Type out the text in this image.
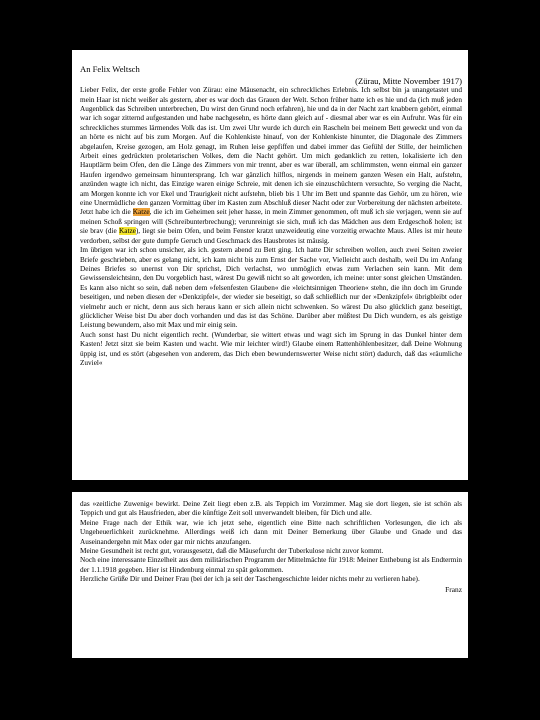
An Felix Weltsch

(Zürau, Mitte November 1917)

Lieber Felix, der erste große Fehler von Zürau: eine Mäusenacht, ein schreckliches Erlebnis. Ich selbst bin ja unangetastet und mein Haar ist nicht weißer als gestern, aber es war doch das Grauen der Welt. Schon früher hatte ich es hie und da (ich muß jeden Augenblick das Schreiben unterbrechen, Du wirst den Grund noch erfahren), hie und da in der Nacht zart knabbern gehört, einmal war ich sogar zitternd aufgestanden und habe nachgesehn, es hörte dann gleich auf - diesmal aber war es ein Aufruhr. Was für ein schreckliches stummes lärmendes Volk das ist. Um zwei Uhr wurde ich durch ein Rascheln bei meinem Bett geweckt und von da an hörte es nicht auf bis zum Morgen. Auf die Kohlenkiste hinauf, von der Kohlenkiste hinunter, die Diagonale des Zimmers abgelaufen, Kreise gezogen, am Holz genagt, im Ruhen leise gepfiffen und dabei immer das Gefühl der Stille, der heimlichen Arbeit eines gedrückten proletarischen Volkes, dem die Nacht gehört. Um mich gedanklich zu retten, lokalisierte ich den Hauptlärm beim Ofen, den die Länge des Zimmers von mir trennt, aber es war überall, am schlimmsten, wenn einmal ein ganzer Haufen irgendwo gemeinsam hinuntersprang. Ich war gänzlich hilflos, nirgends in meinem ganzen Wesen ein Halt, aufstehn, anzünden wagte ich nicht, das Einzige waren einige Schreie, mit denen ich sie einzuschüchtern versuchte, So verging die Nacht, am Morgen konnte ich vor Ekel und Traurigkeit nicht aufstehn, blieb bis 1 Uhr im Bett und spannte das Gehör, um zu hören, wie eine Unermüdliche den ganzen Vormittag über im Kasten zum Abschluß dieser Nacht oder zur Vorbereitung der nächsten arbeitete. Jetzt habe ich die Katze, die ich im Geheimen seit jeher hasse, in mein Zimmer genommen, oft muß ich sie verjagen, wenn sie auf meinen Schoß springen will (Schreibunterbrechung); verunreinigt sie sich, muß ich das Mädchen aus dem Erdgeschoß holen; ist sie brav (die Katze), liegt sie beim Ofen, und beim Fenster kratzt unzweideutig eine vorzeitig erwachte Maus. Alles ist mir heute verdorben, selbst der gute dumpfe Geruch und Geschmack des Hausbrotes ist mäusig.

Im übrigen war ich schon unsicher, als ich. gestern abend zu Bett ging. Ich hatte Dir schreiben wollen, auch zwei Seiten zweier Briefe geschrieben, aber es gelang nicht, ich kam nicht bis zum Ernst der Sache vor, Vielleicht auch deshalb, weil Du im Anfang Deines Briefes so unernst von Dir sprichst, Dich verlachst, wo unmöglich etwas zum Verlachen sein kann. Mit dem Gewissensleichtsinn, den Du vorgeblich hast, wärest Du gewiß nicht so alt geworden, ich meine: unter sonst gleichen Umständen. Es kann also nicht so sein, daß neben dem »felsenfesten Glauben« die »leichtsinnigen Theorien« stehn, die ihn doch im Grunde beseitigen, und neben diesen der »Denkzipfel«, der wieder sie beseitigt, so daß schließlich nur der »Denkzipfel« übrigbleibt oder vielmehr auch er nicht, denn aus sich heraus kann er sich allein nicht schwenken. So wärest Du also glücklich ganz beseitigt, glücklicher Weise bist Du aber doch vorhanden und das ist das Schöne. Darüber aber müßtest Du Dich wundern, es als geistige Leistung bewundern, also mit Max und mir einig sein.

Auch sonst hast Du nicht eigentlich recht. (Wunderbar, sie wittert etwas und wagt sich im Sprung in das Dunkel hinter dem Kasten! Jetzt sitzt sie beim Kasten und wacht. Wie mir leichter wird!) Glaube einem Rattenhöhlenbesitzer, daß Deine Wohnung üppig ist, und es stört (abgesehen von anderem, das Dich eben bewundernswerter Weise nicht stört) dadurch, daß das »räumliche Zuviel«

das »zeitliche Zuwenig« bewirkt. Deine Zeit liegt eben z.B. als Teppich im Vorzimmer. Mag sie dort liegen, sie ist schön als Teppich und gut als Hausfrieden, aber die künftige Zeit soll unverwandelt bleiben, für Dich und alle.

Meine Frage nach der Ethik war, wie ich jetzt sehe, eigentlich eine Bitte nach schriftlichen Vorlesungen, die ich als Ungeheuerlichkeit zurücknehme. Allerdings weiß ich dann mit Deiner Bemerkung über Glaube und Gnade und das Auseinandergehn mit Max oder gar mir nichts anzufangen.

Meine Gesundheit ist recht gut, vorausgesetzt, daß die Mäusefurcht der Tuberkulose nicht zuvor kommt.

Noch eine interessante Einzelheit aus dem militärischen Programm der Mittelmächte für 1918: Meiner Enthebung ist als Endtermin der 1.1.1918 gegeben. Hier ist Hindenburg einmal zu spät gekommen.

Herzliche Grüße Dir und Deiner Frau (bei der ich ja seit der Taschengeschichte leider nichts mehr zu verlieren habe).

Franz
